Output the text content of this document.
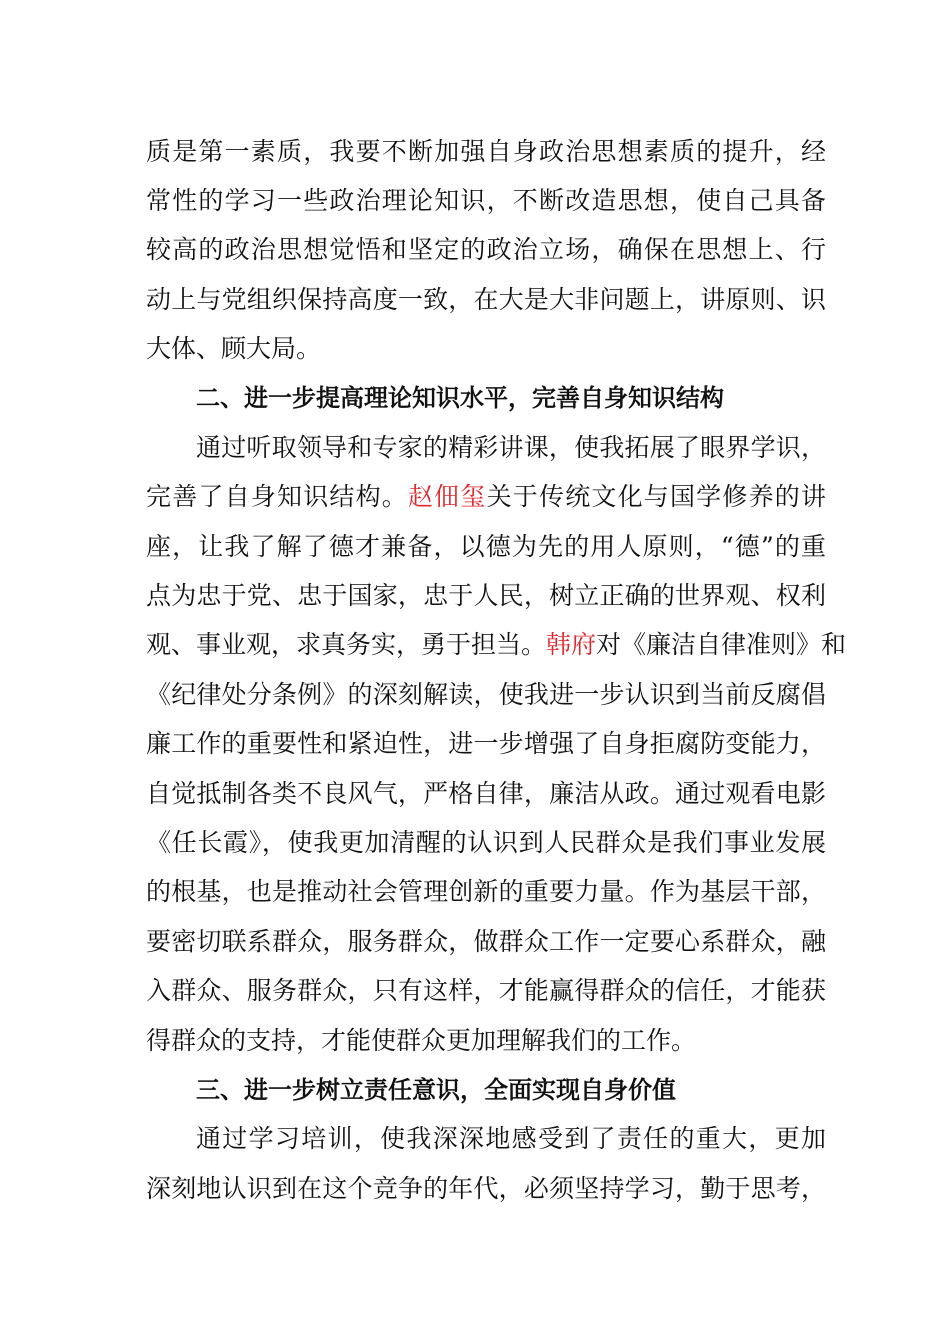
质是第一素质，我要不断加强自身政治思想素质的提升，经
常性的学习一些政治理论知识，不断改造思想，使自己具备
较高的政治思想觉悟和坚定的政治立场，确保在思想上、行
动上与党组织保持高度一致，在大是大非问题上，讲原则、识
大体、顾大局。
二、进一步提高理论知识水平，完善自身知识结构
通过听取领导和专家的精彩讲课，使我拓展了眼界学识，
完善了自身知识结构。赵佃玺关于传统文化与国学修养的讲
座，让我了解了德才兼备，以德为先的用人原则，“德”的重
点为忠于党、忠于国家，忠于人民，树立正确的世界观、权利
观、事业观，求真务实，勇于担当。韩府对《廉洁自律准则》和
《纪律处分条例》的深刻解读，使我进一步认识到当前反腐倡
廉工作的重要性和紧迫性，进一步增强了自身拒腐防变能力，
自觉抵制各类不良风气，严格自律，廉洁从政。通过观看电影
《任长霞》，使我更加清醒的认识到人民群众是我们事业发展
的根基，也是推动社会管理创新的重要力量。作为基层干部，
要密切联系群众，服务群众，做群众工作一定要心系群众，融
入群众、服务群众，只有这样，才能赢得群众的信任，才能获
得群众的支持，才能使群众更加理解我们的工作。
三、进一步树立责任意识，全面实现自身价值
通过学习培训，使我深深地感受到了责任的重大，更加
深刻地认识到在这个竞争的年代，必须坚持学习，勤于思考，
